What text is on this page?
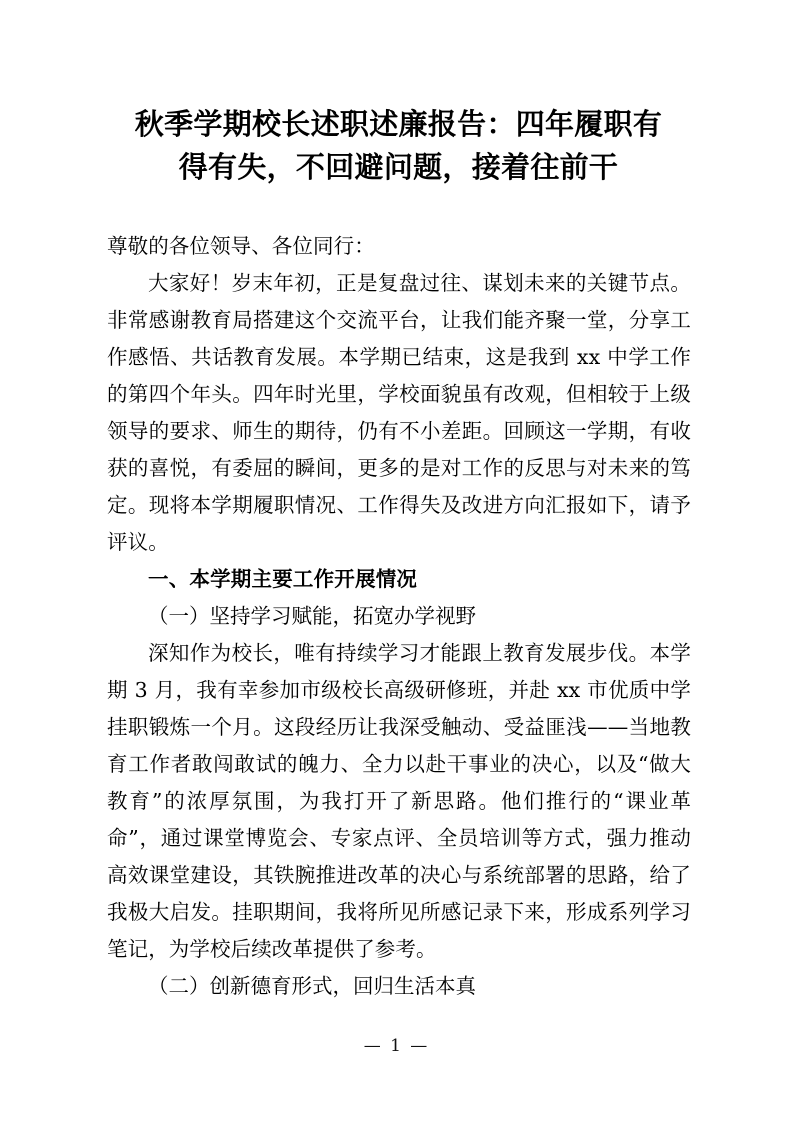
秋季学期校长述职述廉报告：四年履职有
得有失，不回避问题，接着往前干

尊敬的各位领导、各位同行：

大家好！岁末年初，正是复盘过往、谋划未来的关键节点。非常感谢教育局搭建这个交流平台，让我们能齐聚一堂，分享工作感悟、共话教育发展。本学期已结束，这是我到 xx 中学工作的第四个年头。四年时光里，学校面貌虽有改观，但相较于上级领导的要求、师生的期待，仍有不小差距。回顾这一学期，有收获的喜悦，有委屈的瞬间，更多的是对工作的反思与对未来的笃定。现将本学期履职情况、工作得失及改进方向汇报如下，请予评议。

一、本学期主要工作开展情况

（一）坚持学习赋能，拓宽办学视野

深知作为校长，唯有持续学习才能跟上教育发展步伐。本学期 3 月，我有幸参加市级校长高级研修班，并赴 xx 市优质中学挂职锻炼一个月。这段经历让我深受触动、受益匪浅——当地教育工作者敢闯敢试的魄力、全力以赴干事业的决心，以及“做大教育”的浓厚氛围，为我打开了新思路。他们推行的“课业革命”，通过课堂博览会、专家点评、全员培训等方式，强力推动高效课堂建设，其铁腕推进改革的决心与系统部署的思路，给了我极大启发。挂职期间，我将所见所感记录下来，形成系列学习笔记，为学校后续改革提供了参考。

（二）创新德育形式，回归生活本真

— 1 —
